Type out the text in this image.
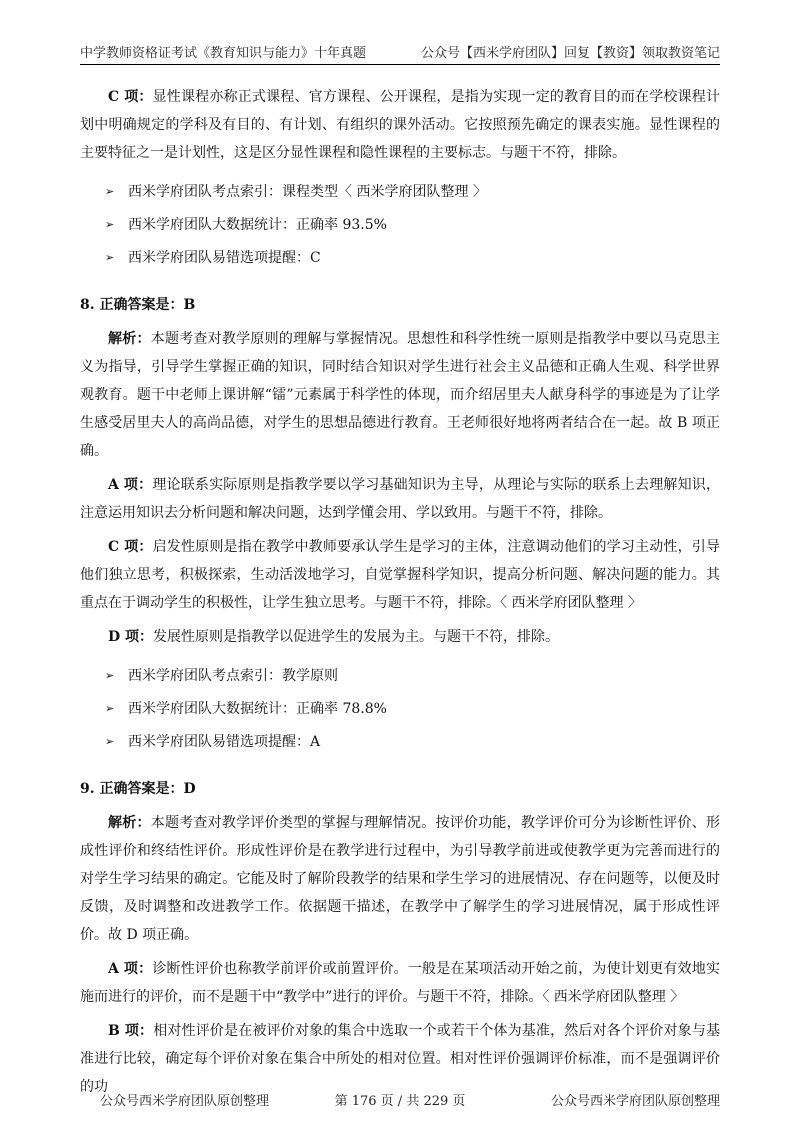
中学教师资格证考试《教育知识与能力》十年真题	公众号【西米学府团队】回复【教资】领取教资笔记

C 项：显性课程亦称正式课程、官方课程、公开课程，是指为实现一定的教育目的而在学校课程计划中明确规定的学科及有目的、有计划、有组织的课外活动。它按照预先确定的课表实施。显性课程的主要特征之一是计划性，这是区分显性课程和隐性课程的主要标志。与题干不符，排除。

➢ 西米学府团队考点索引：课程类型〈 西米学府团队整理 〉
➢ 西米学府团队大数据统计：正确率 93.5%
➢ 西米学府团队易错选项提醒：C
8. 正确答案是：B

解析：本题考查对教学原则的理解与掌握情况。思想性和科学性统一原则是指教学中要以马克思主义为指导，引导学生掌握正确的知识，同时结合知识对学生进行社会主义品德和正确人生观、科学世界观教育。题干中老师上课讲解“镭”元素属于科学性的体现，而介绍居里夫人献身科学的事迹是为了让学生感受居里夫人的高尚品德，对学生的思想品德进行教育。王老师很好地将两者结合在一起。故 B 项正确。

A 项：理论联系实际原则是指教学要以学习基础知识为主导，从理论与实际的联系上去理解知识，注意运用知识去分析问题和解决问题，达到学懂会用、学以致用。与题干不符，排除。

C 项：启发性原则是指在教学中教师要承认学生是学习的主体，注意调动他们的学习主动性，引导他们独立思考，积极探索，生动活泼地学习，自觉掌握科学知识，提高分析问题、解决问题的能力。其重点在于调动学生的积极性，让学生独立思考。与题干不符，排除。〈 西米学府团队整理 〉

D 项：发展性原则是指教学以促进学生的发展为主。与题干不符，排除。

➢ 西米学府团队考点索引：教学原则
➢ 西米学府团队大数据统计：正确率 78.8%
➢ 西米学府团队易错选项提醒：A
9. 正确答案是：D

解析：本题考查对教学评价类型的掌握与理解情况。按评价功能，教学评价可分为诊断性评价、形成性评价和终结性评价。形成性评价是在教学进行过程中，为引导教学前进或使教学更为完善而进行的对学生学习结果的确定。它能及时了解阶段教学的结果和学生学习的进展情况、存在问题等，以便及时反馈，及时调整和改进教学工作。依据题干描述，在教学中了解学生的学习进展情况，属于形成性评价。故 D 项正确。

A 项：诊断性评价也称教学前评价或前置评价。一般是在某项活动开始之前，为使计划更有效地实施而进行的评价，而不是题干中“教学中”进行的评价。与题干不符，排除。〈 西米学府团队整理 〉

B 项：相对性评价是在被评价对象的集合中选取一个或若干个体为基准，然后对各个评价对象与基准进行比较，确定每个评价对象在集合中所处的相对位置。相对性评价强调评价标准，而不是强调评价的功

公众号西米学府团队原创整理	第 176 页 / 共 229 页	公众号西米学府团队原创整理
